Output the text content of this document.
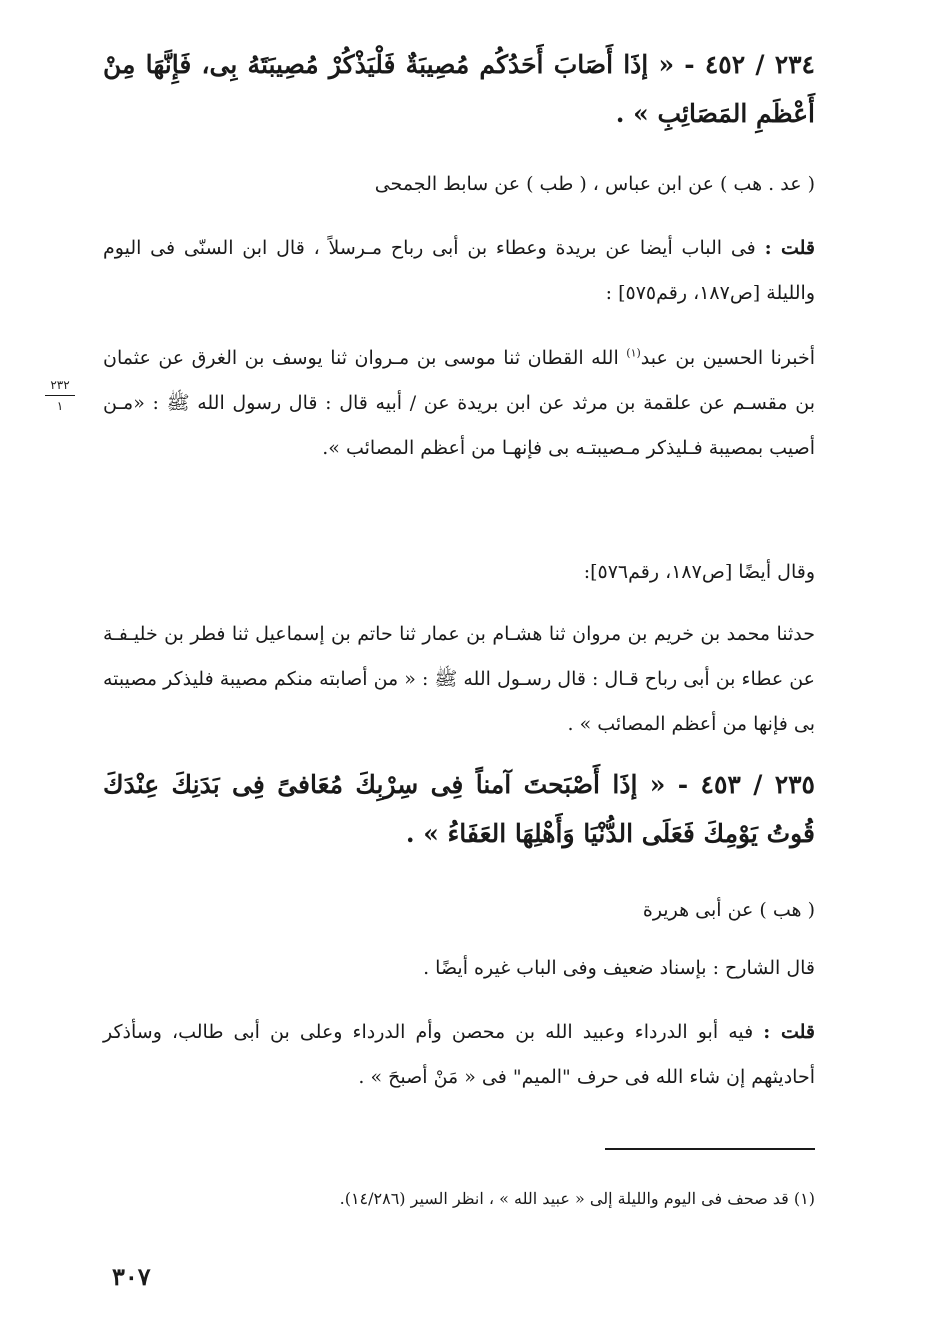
٢٣٤ / ٤٥٢ - « إذَا أَصَابَ أَحَدُكُم مُصِيبَةٌ فَلْيَذْكُرْ مُصِيبَتَهُ بِى، فَإِنَّهَا مِنْ أَعْظَمِ المَصَائِبِ » .

( عد . هب ) عن ابن عباس ، ( طب ) عن سابط الجمحى

قلت : فى الباب أيضا عن بريدة وعطاء بن أبى رباح مـرسلاً ، قال ابن السنّى فى اليوم والليلة [ص١٨٧، رقم٥٧٥] :

أخبرنا الحسين بن عبد$^{(١)}$ الله القطان ثنا موسى بن مـروان ثنا يوسف بن الغرق عن عثمان بن مقسـم عن علقمة بن مرثد عن ابن بريدة عن / أبيه قال : قال رسول الله ﷺ : «مـن أصيب بمصيبة فـليذكر مـصيبتـه بى فإنهـا من أعظم المصائب ».

٢٣٢
١

وقال أيضًا [ص١٨٧، رقم٥٧٦]:

حدثنا محمد بن خريم بن مروان ثنا هشـام بن عمار ثنا حاتم بن إسماعيل ثنا فطر بن خليـفـة عن عطاء بن أبى رباح قـال : قال رسـول الله ﷺ : « من أصابته منكم مصيبة فليذكر مصيبته بى فإنها من أعظم المصائب » .

٢٣٥ / ٤٥٣ - « إذَا أَصْبَحتَ آمناً فِى سِرْبِكَ مُعَافىً فِى بَدَنِكَ عِنْدَكَ قُوتُ يَوْمِكَ فَعَلَى الدُّنْيَا وَأَهْلِهَا العَفَاءُ » .

( هب ) عن أبى هريرة

قال الشارح : بإسناد ضعيف وفى الباب غيره أيضًا .

قلت : فيه أبو الدرداء وعبيد الله بن محصن وأم الدرداء وعلى بن أبى طالب، وسأذكر أحاديثهم إن شاء الله فى حرف "الميم" فى « مَنْ أصبحَ » .

(١) قد صحف فى اليوم والليلة إلى « عبيد الله » ، انظر السير (١٤/٢٨٦).

٣٠٧
